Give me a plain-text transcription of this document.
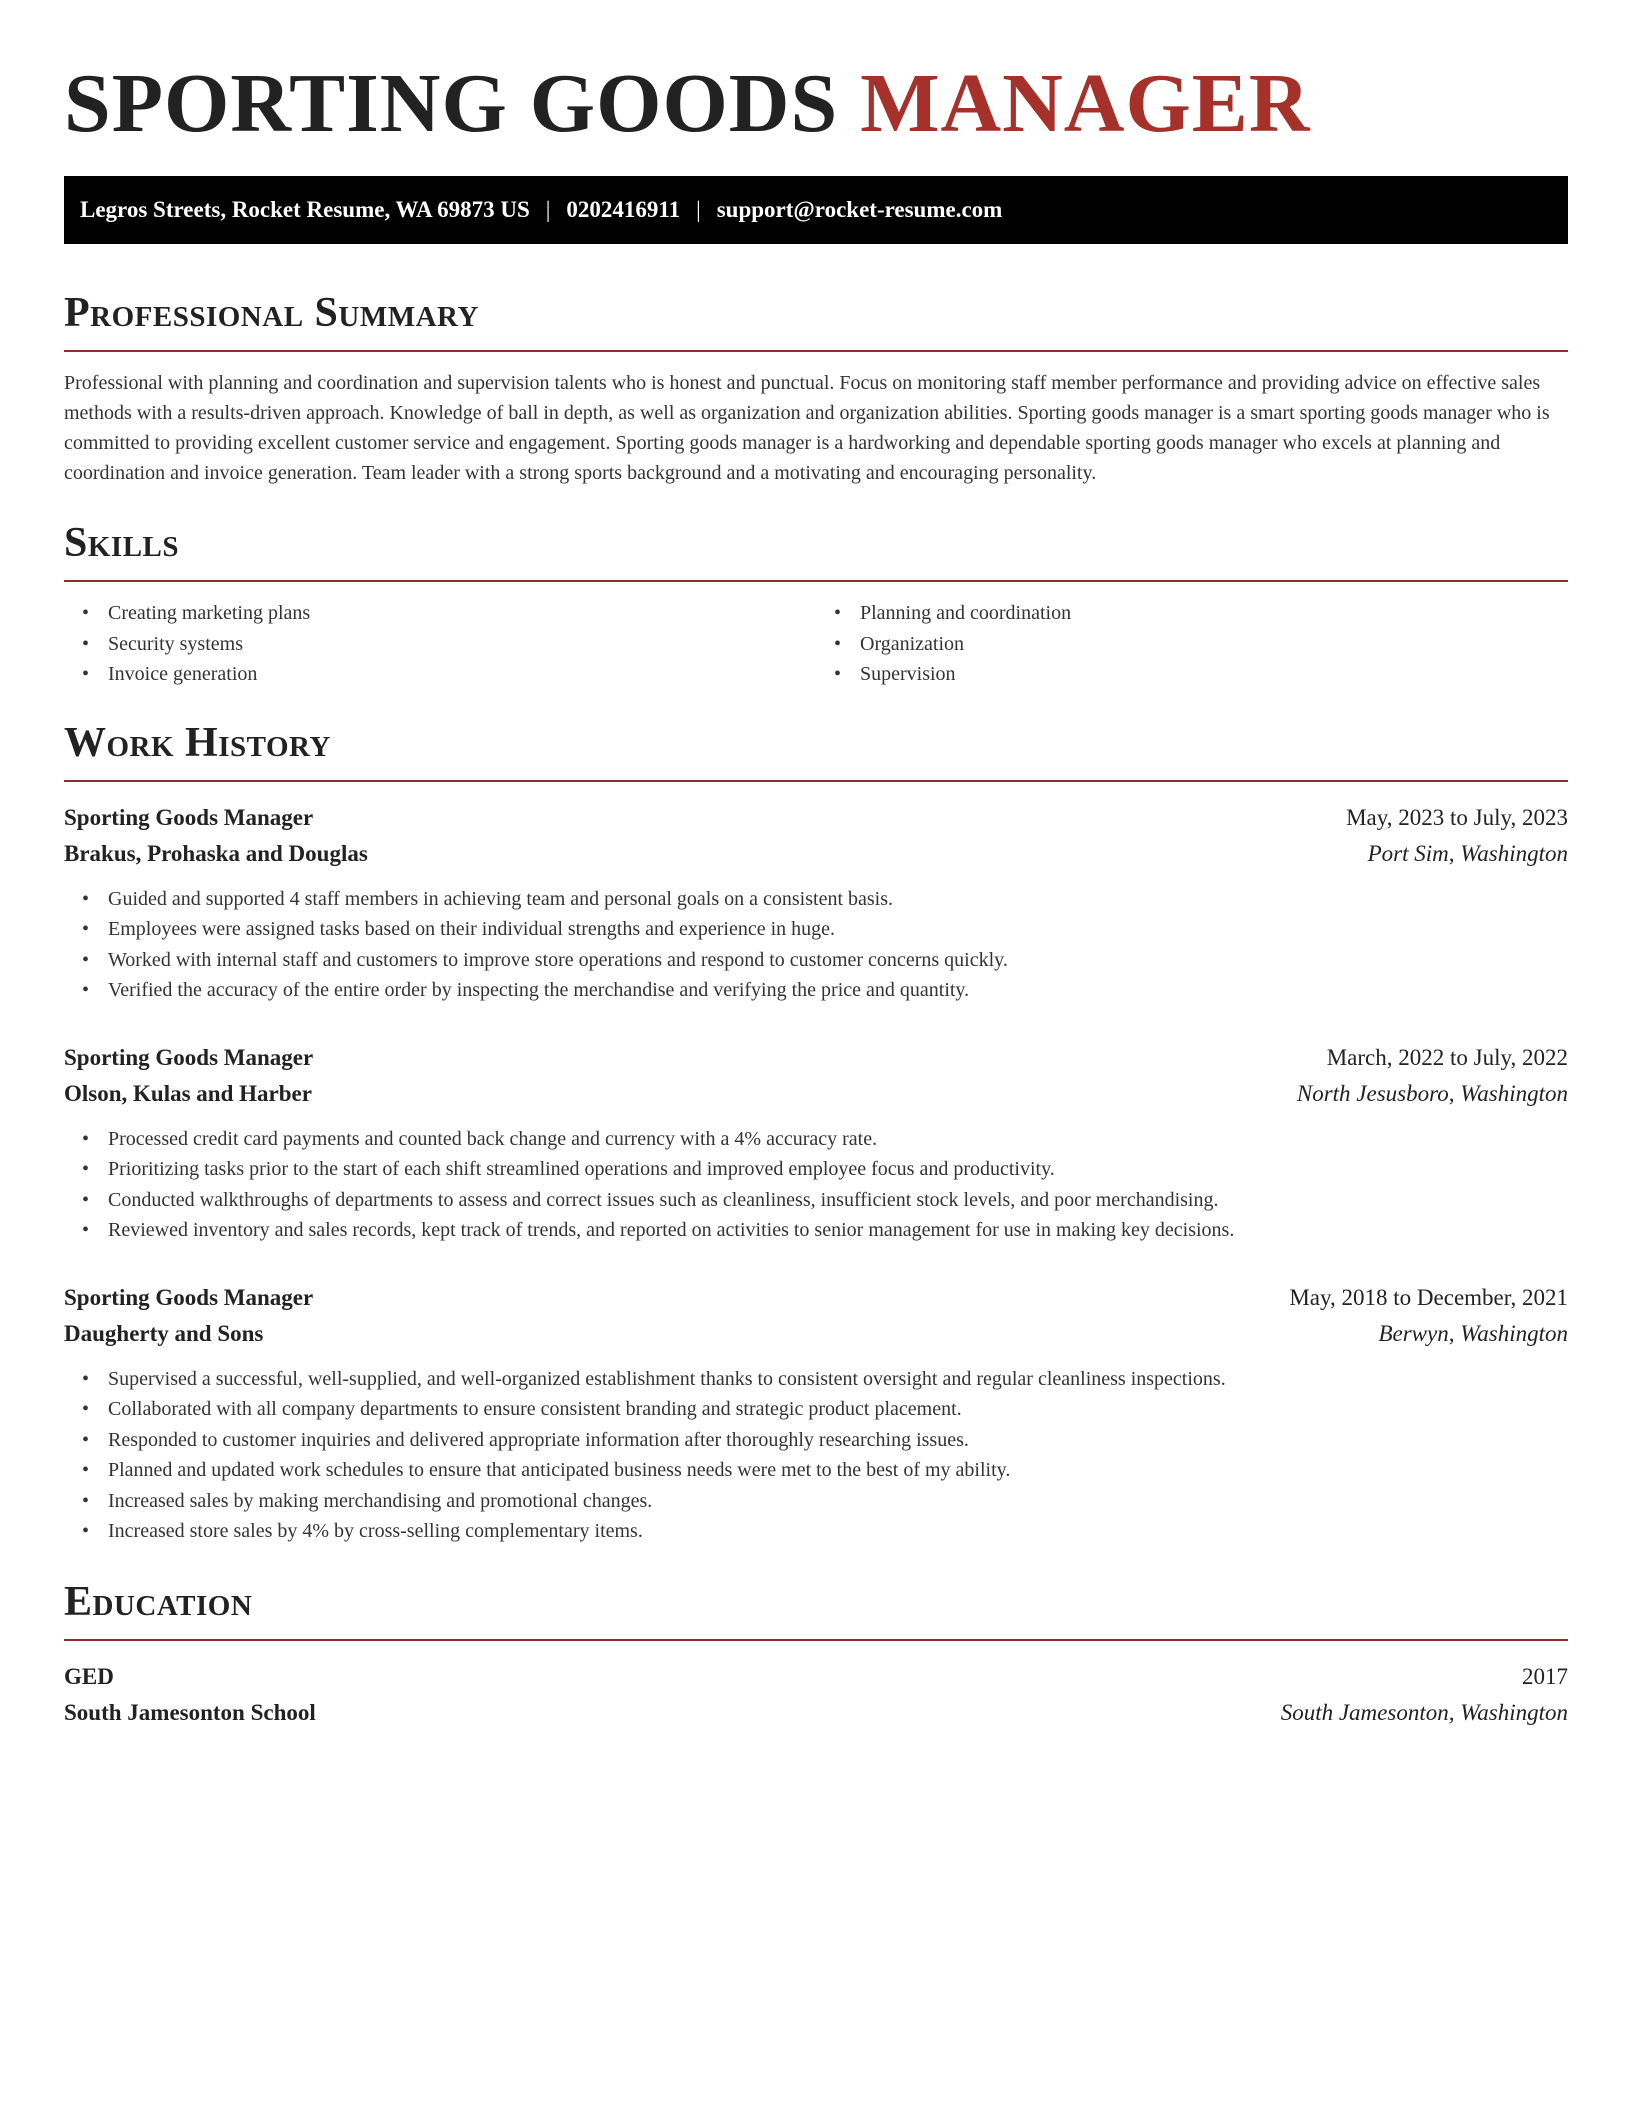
SPORTING GOODS MANAGER
Legros Streets, Rocket Resume, WA 69873 US | 0202416911 | support@rocket-resume.com
Professional Summary

Professional with planning and coordination and supervision talents who is honest and punctual. Focus on monitoring staff member performance and providing advice on effective sales methods with a results-driven approach. Knowledge of ball in depth, as well as organization and organization abilities. Sporting goods manager is a smart sporting goods manager who is committed to providing excellent customer service and engagement. Sporting goods manager is a hardworking and dependable sporting goods manager who excels at planning and coordination and invoice generation. Team leader with a strong sports background and a motivating and encouraging personality.

Skills
• Creating marketing plans
• Security systems
• Invoice generation
• Planning and coordination
• Organization
• Supervision
Work History
Sporting Goods Manager	May, 2023 to July, 2023
Brakus, Prohaska and Douglas	Port Sim, Washington
• Guided and supported 4 staff members in achieving team and personal goals on a consistent basis.
• Employees were assigned tasks based on their individual strengths and experience in huge.
• Worked with internal staff and customers to improve store operations and respond to customer concerns quickly.
• Verified the accuracy of the entire order by inspecting the merchandise and verifying the price and quantity.
Sporting Goods Manager	March, 2022 to July, 2022
Olson, Kulas and Harber	North Jesusboro, Washington
• Processed credit card payments and counted back change and currency with a 4% accuracy rate.
• Prioritizing tasks prior to the start of each shift streamlined operations and improved employee focus and productivity.
• Conducted walkthroughs of departments to assess and correct issues such as cleanliness, insufficient stock levels, and poor merchandising.
• Reviewed inventory and sales records, kept track of trends, and reported on activities to senior management for use in making key decisions.
Sporting Goods Manager	May, 2018 to December, 2021
Daugherty and Sons	Berwyn, Washington
• Supervised a successful, well-supplied, and well-organized establishment thanks to consistent oversight and regular cleanliness inspections.
• Collaborated with all company departments to ensure consistent branding and strategic product placement.
• Responded to customer inquiries and delivered appropriate information after thoroughly researching issues.
• Planned and updated work schedules to ensure that anticipated business needs were met to the best of my ability.
• Increased sales by making merchandising and promotional changes.
• Increased store sales by 4% by cross-selling complementary items.
Education
GED	2017
South Jamesonton School	South Jamesonton, Washington
